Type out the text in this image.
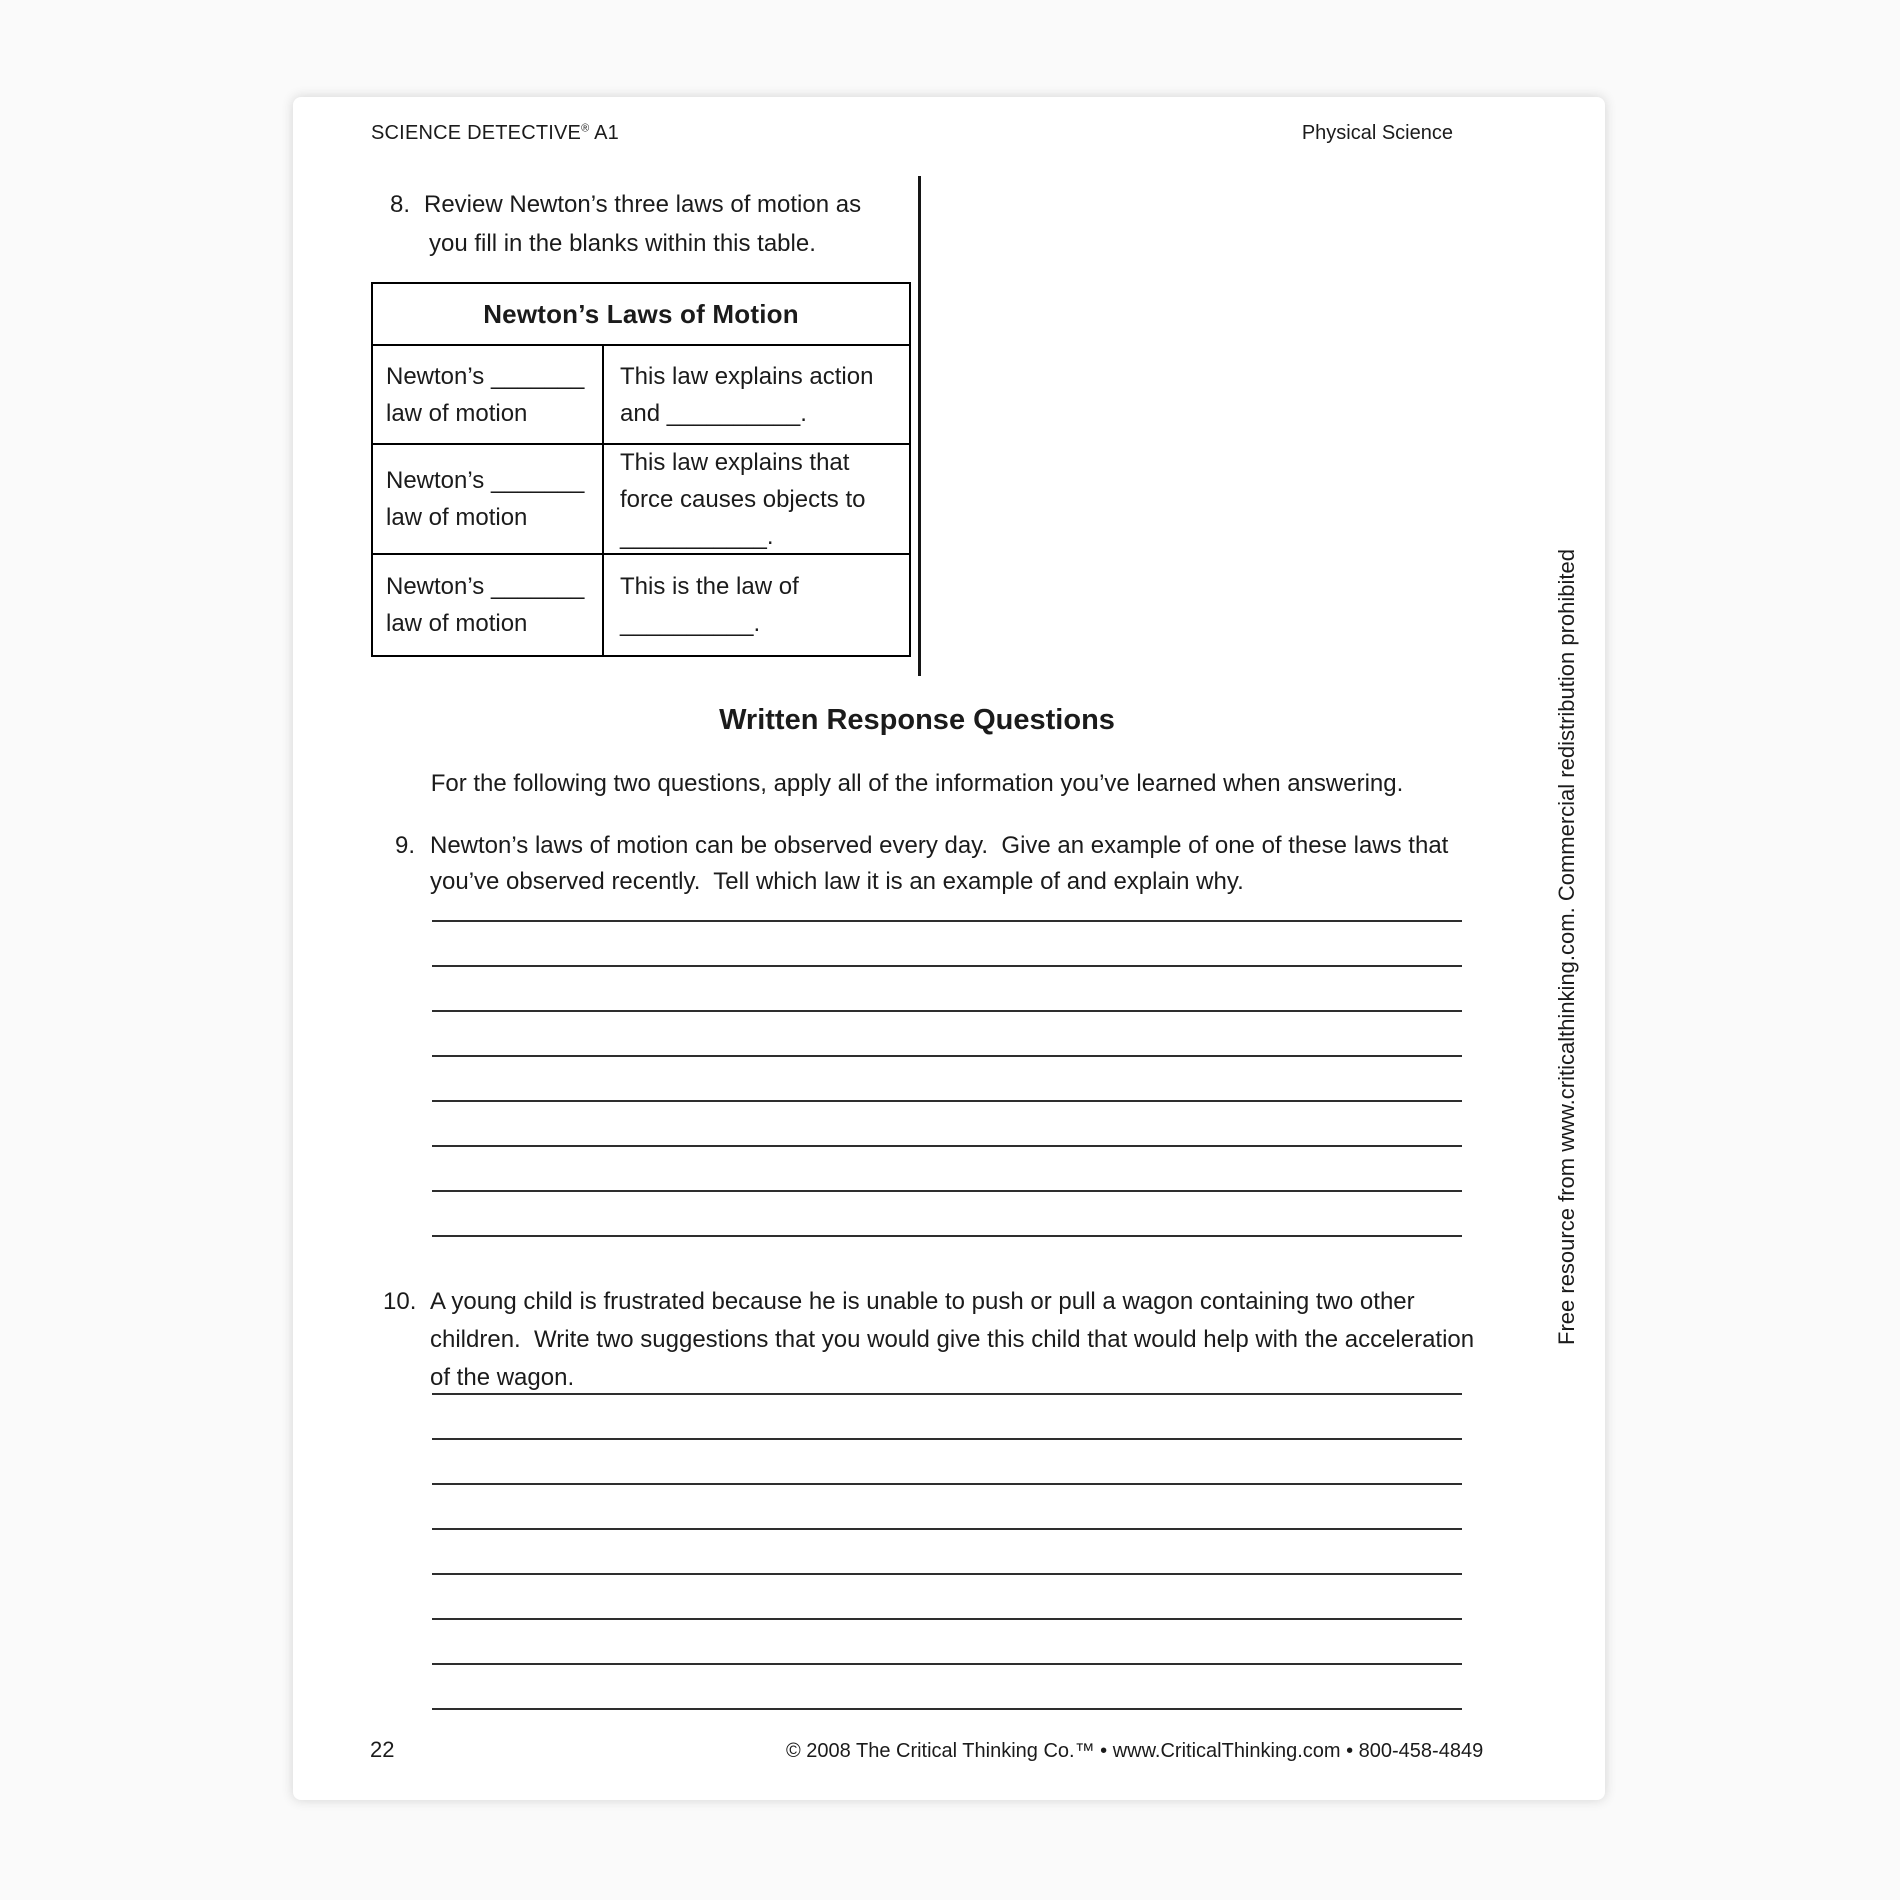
SCIENCE DETECTIVE® A1	Physical Science
8. Review Newton’s three laws of motion as
you fill in the blanks within this table.
Newton’s Laws of Motion
Newton’s _______
law of motion
This law explains action
and __________.
Newton’s _______
law of motion
This law explains that
force causes objects to
___________.
Newton’s _______
law of motion
This is the law of
__________.
Written Response Questions
For the following two questions, apply all of the information you’ve learned when answering.
9. Newton’s laws of motion can be observed every day.  Give an example of one of these laws that
you’ve observed recently.  Tell which law it is an example of and explain why.
10. A young child is frustrated because he is unable to push or pull a wagon containing two other
children.  Write two suggestions that you would give this child that would help with the acceleration
of the wagon.
22	© 2008 The Critical Thinking Co.™ • www.CriticalThinking.com • 800-458-4849
Free resource from www.criticalthinking.com. Commercial redistribution prohibited
